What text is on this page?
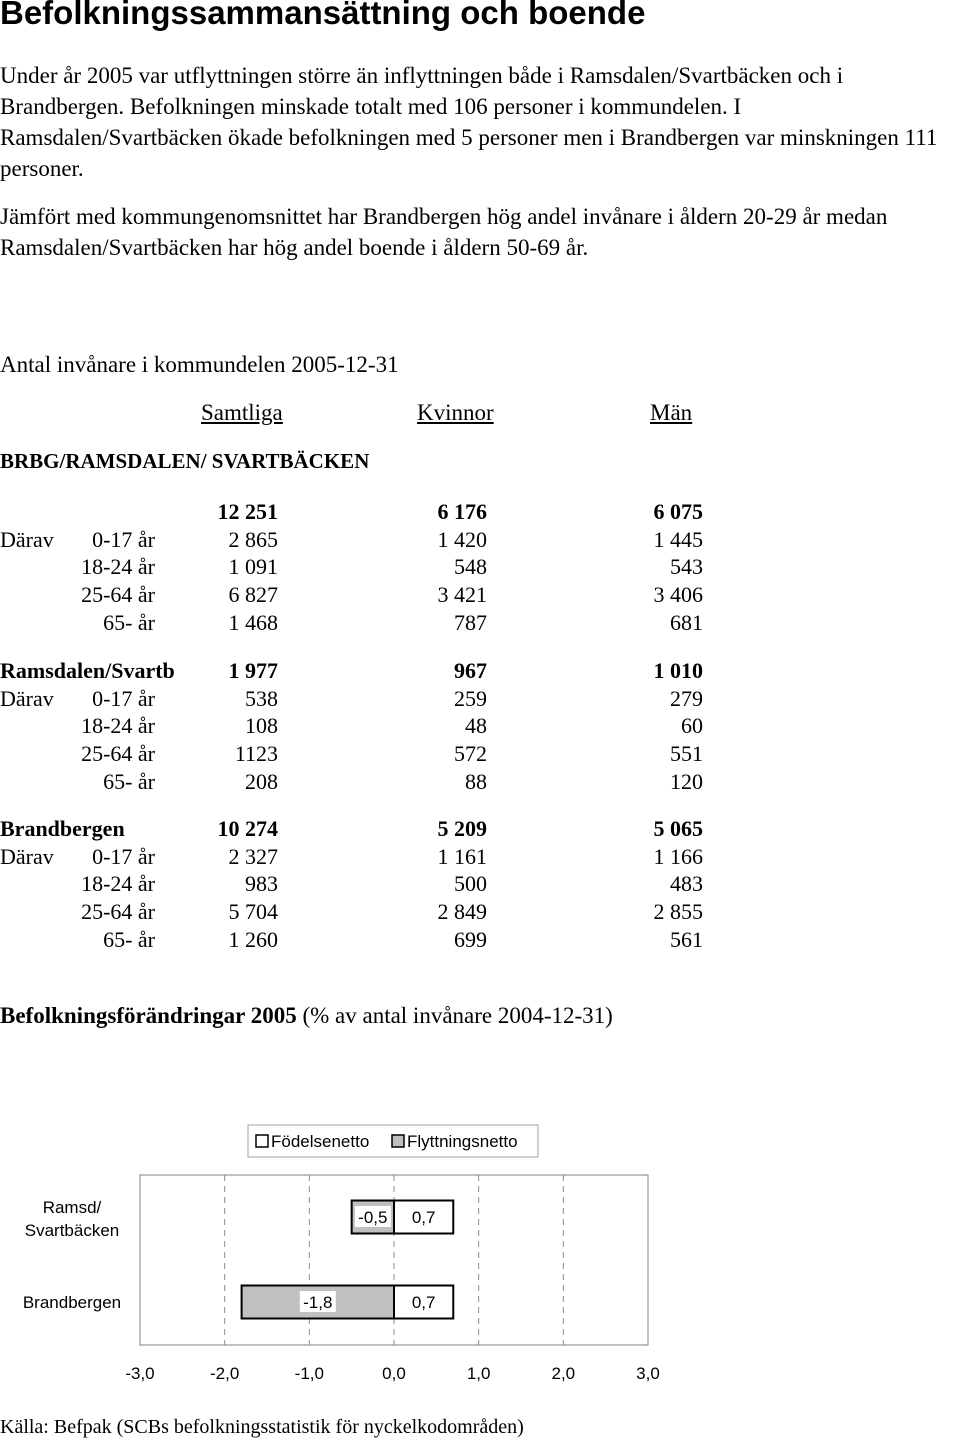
Befolkningssammansättning och boende
Under år 2005 var utflyttningen större än inflyttningen både i Ramsdalen/Svartbäcken och i Brandbergen. Befolkningen minskade totalt med 106 personer i kommundelen. I Ramsdalen/Svartbäcken ökade befolkningen med 5 personer men i Brandbergen var minskningen 111 personer.
Jämfört med kommungenomsnittet har Brandbergen hög andel invånare i åldern 20-29 år medan Ramsdalen/Svartbäcken har hög andel boende i åldern 50-69 år.
Antal invånare i kommundelen 2005-12-31
Samtliga	Kvinnor	Män
BRBG/RAMSDALEN/ SVARTBÄCKEN
12 251	6 176	6 075
Därav	0-17 år	2 865	1 420	1 445
18-24 år	1 091	548	543
25-64 år	6 827	3 421	3 406
65- år	1 468	787	681
Ramsdalen/Svartb	1 977	967	1 010
Därav	0-17 år	538	259	279
18-24 år	108	48	60
25-64 år	1123	572	551
65- år	208	88	120
Brandbergen	10 274	5 209	5 065
Därav	0-17 år	2 327	1 161	1 166
18-24 år	983	500	483
25-64 år	5 704	2 849	2 855
65- år	1 260	699	561
Befolkningsförändringar 2005 (% av antal invånare 2004-12-31)
-3,0	-2,0	-1,0	0,0	1,0	2,0	3,0
Ramsd/ Svartbäcken
0,7
-0,5
Brandbergen	0,7
-1,8
Födelsenetto Flyttningsnetto
Källa: Befpak (SCBs befolkningsstatistik för nyckelkodområden)
